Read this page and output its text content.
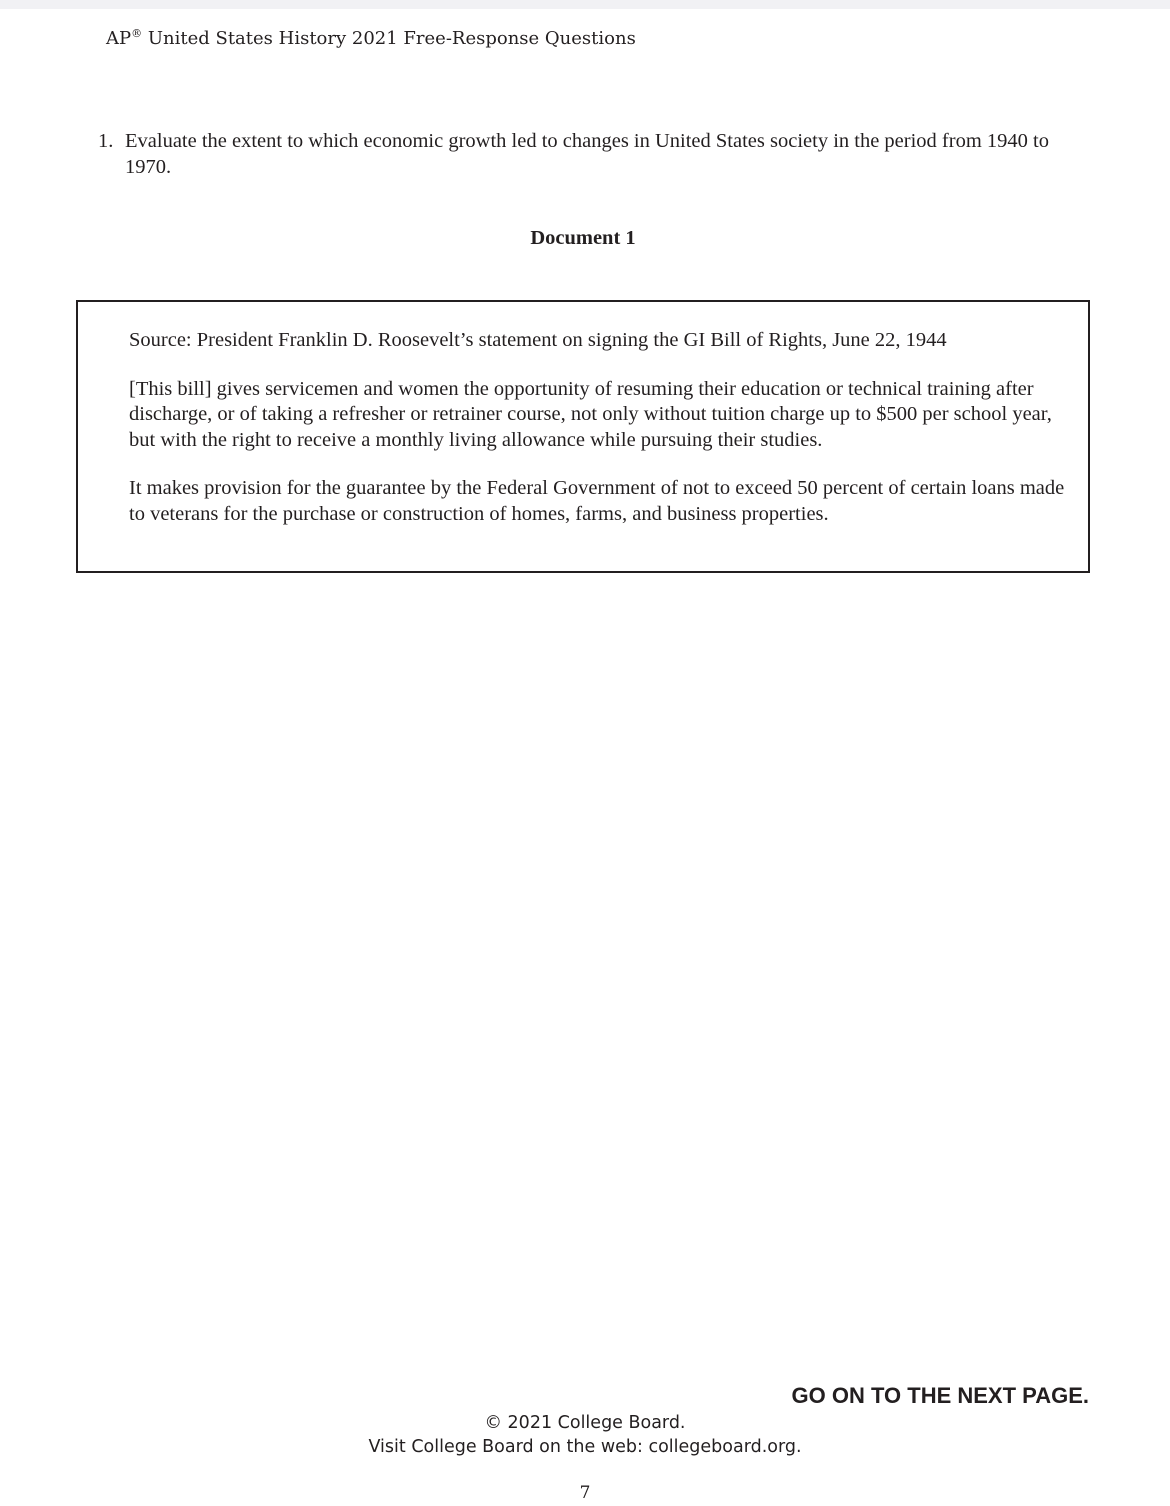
AP® United States History 2021 Free-Response Questions
1. Evaluate the extent to which economic growth led to changes in United States society in the period from 1940 to 1970.
Document 1

Source: President Franklin D. Roosevelt’s statement on signing the GI Bill of Rights, June 22, 1944

[This bill] gives servicemen and women the opportunity of resuming their education or technical training after discharge, or of taking a refresher or retrainer course, not only without tuition charge up to $500 per school year, but with the right to receive a monthly living allowance while pursuing their studies.

It makes provision for the guarantee by the Federal Government of not to exceed 50 percent of certain loans made to veterans for the purchase or construction of homes, farms, and business properties.

GO ON TO THE NEXT PAGE.
© 2021 College Board.
Visit College Board on the web: collegeboard.org.
7
